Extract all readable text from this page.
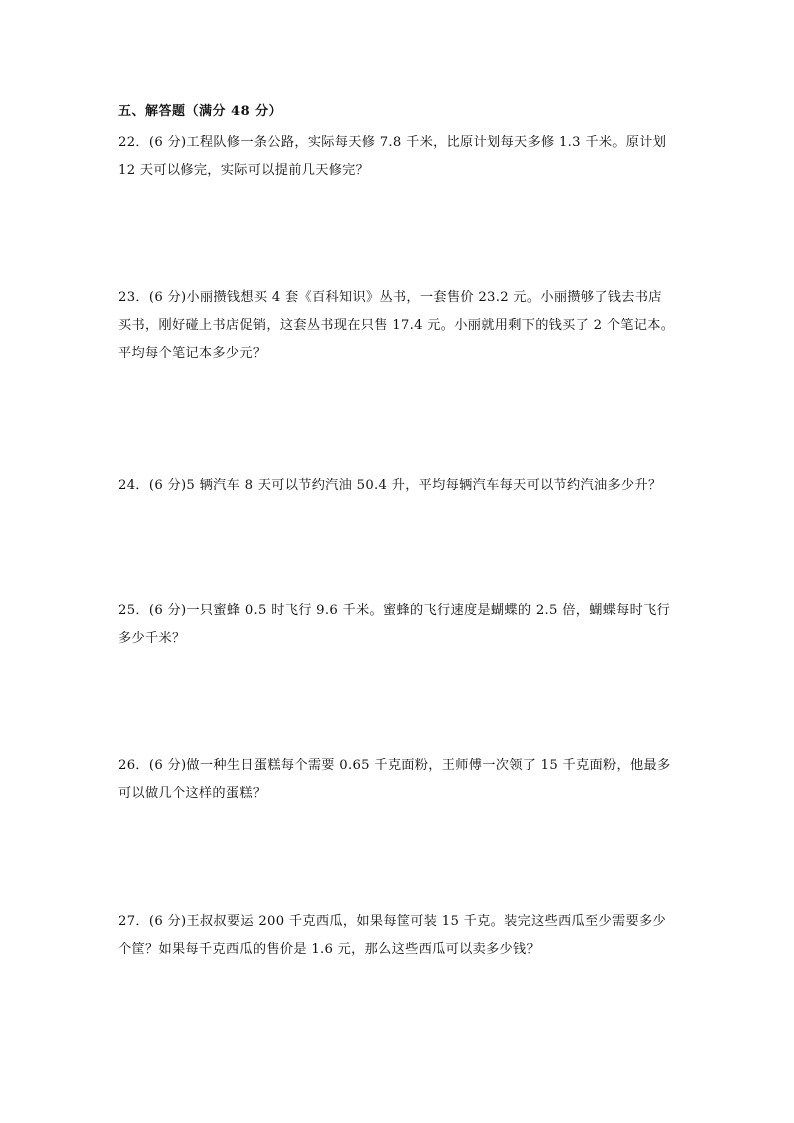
五、解答题（满分 48 分）
22．(6 分)工程队修一条公路，实际每天修 7.8 千米，比原计划每天多修 1.3 千米。原计划
12 天可以修完，实际可以提前几天修完？
23．(6 分)小丽攒钱想买 4 套《百科知识》丛书，一套售价 23.2 元。小丽攒够了钱去书店
买书，刚好碰上书店促销，这套丛书现在只售 17.4 元。小丽就用剩下的钱买了 2 个笔记本。
平均每个笔记本多少元？
24．(6 分)5 辆汽车 8 天可以节约汽油 50.4 升，平均每辆汽车每天可以节约汽油多少升？
25．(6 分)一只蜜蜂 0.5 时飞行 9.6 千米。蜜蜂的飞行速度是蝴蝶的 2.5 倍，蝴蝶每时飞行
多少千米？
26．(6 分)做一种生日蛋糕每个需要 0.65 千克面粉，王师傅一次领了 15 千克面粉，他最多
可以做几个这样的蛋糕？
27．(6 分)王叔叔要运 200 千克西瓜，如果每筐可装 15 千克。装完这些西瓜至少需要多少
个筐？如果每千克西瓜的售价是 1.6 元，那么这些西瓜可以卖多少钱？
